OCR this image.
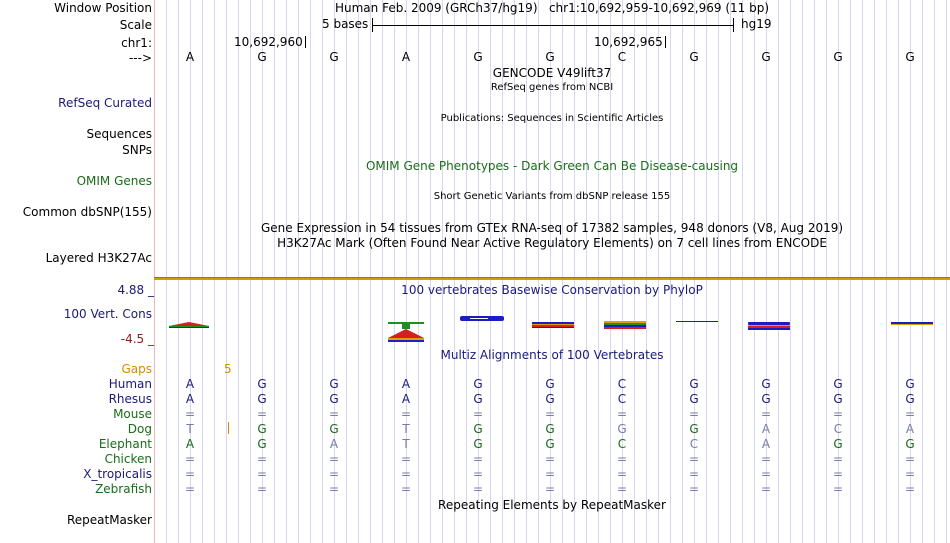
Window Position	Human Feb. 2009 (GRCh37/hg19) chr1:10,692,959-10,692,969 (11 bp)
Scale	5 bases	hg19
chr1:	10,692,960	10,692,965
--->	A	G	G	A	G	G	C	G	G	G	G
GENCODE V49lift37
RefSeq genes from NCBI
RefSeq Curated
Publications: Sequences in Scientific Articles
Sequences
SNPs
OMIM Gene Phenotypes - Dark Green Can Be Disease-causing
OMIM Genes
Short Genetic Variants from dbSNP release 155
Common dbSNP(155)
Gene Expression in 54 tissues from GTEx RNA-seq of 17382 samples, 948 donors (V8, Aug 2019)
H3K27Ac Mark (Often Found Near Active Regulatory Elements) on 7 cell lines from ENCODE
Layered H3K27Ac
4.88 _	100 vertebrates Basewise Conservation by PhyloP
100 Vert. Cons
-4.5 _
Multiz Alignments of 100 Vertebrates
Gaps	5
Human	A	G	G	A	G	G	C	G	G	G	G
Rhesus	A	G	G	A	G	G	C	G	G	G	G
Mouse	=	=	=	=	=	=	=	=	=	=	=
Dog	T	G	G	T	G	G	G	G	A	C	A
Elephant	A	G	A	T	G	G	C	C	A	G	G
Chicken	=	=	=	=	=	=	=	=	=	=	=
X_tropicalis	=	=	=	=	=	=	=	=	=	=	=
Zebrafish	=	=	=	=	=	=	=	=	=	=	=
Repeating Elements by RepeatMasker
RepeatMasker
